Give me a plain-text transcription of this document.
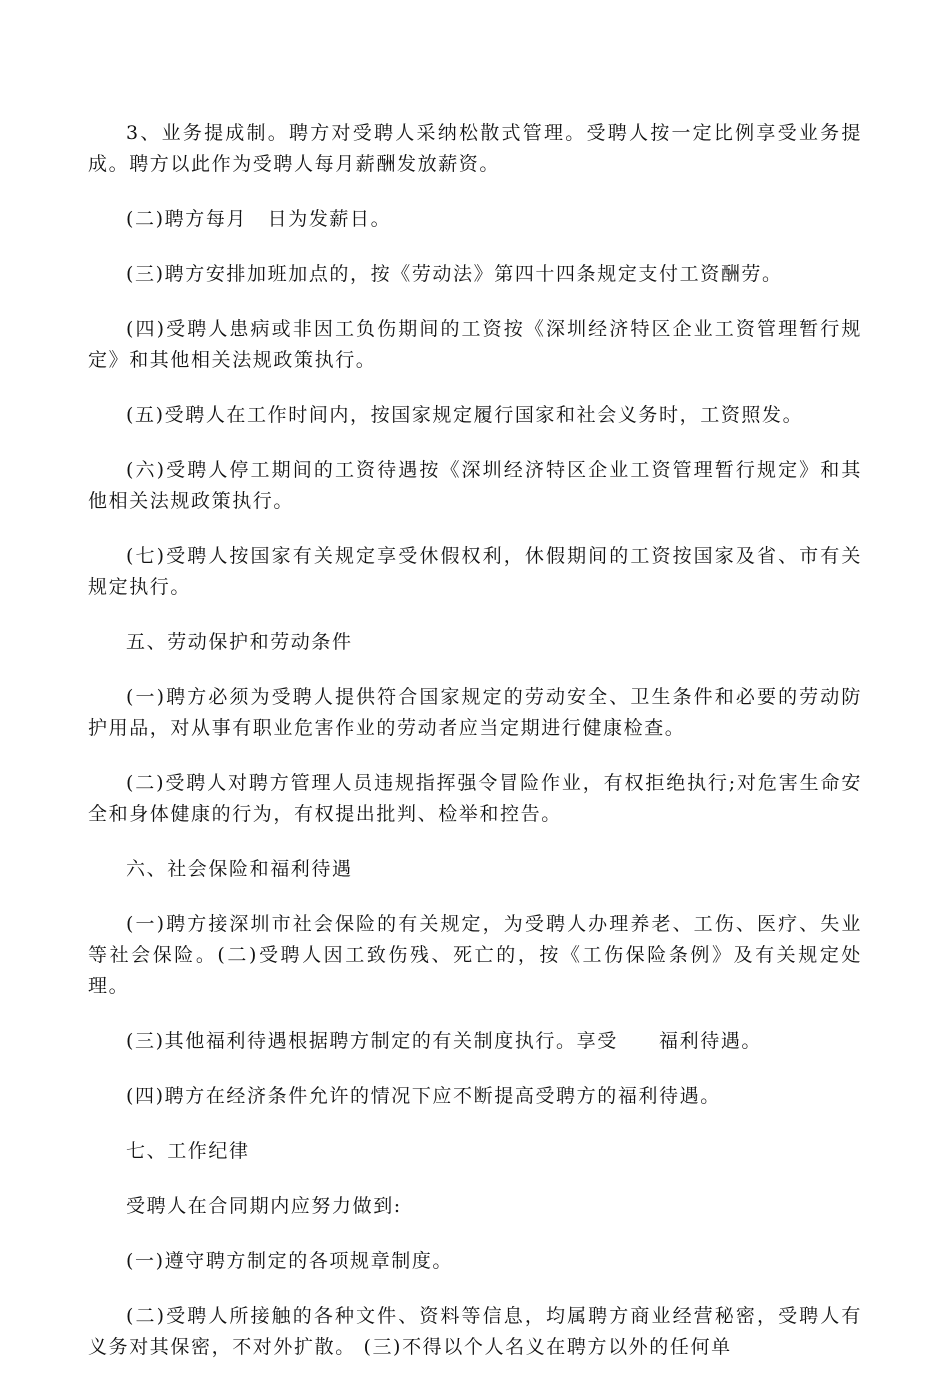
3、业务提成制。聘方对受聘人采纳松散式管理。受聘人按一定比例享受业务提成。聘方以此作为受聘人每月薪酬发放薪资。

(二)聘方每月　日为发薪日。

(三)聘方安排加班加点的，按《劳动法》第四十四条规定支付工资酬劳。

(四)受聘人患病或非因工负伤期间的工资按《深圳经济特区企业工资管理暂行规定》和其他相关法规政策执行。

(五)受聘人在工作时间内，按国家规定履行国家和社会义务时，工资照发。

(六)受聘人停工期间的工资待遇按《深圳经济特区企业工资管理暂行规定》和其他相关法规政策执行。

(七)受聘人按国家有关规定享受休假权利，休假期间的工资按国家及省、市有关规定执行。

五、劳动保护和劳动条件

(一)聘方必须为受聘人提供符合国家规定的劳动安全、卫生条件和必要的劳动防护用品，对从事有职业危害作业的劳动者应当定期进行健康检查。

(二)受聘人对聘方管理人员违规指挥强令冒险作业，有权拒绝执行;对危害生命安全和身体健康的行为，有权提出批判、检举和控告。

六、社会保险和福利待遇

(一)聘方接深圳市社会保险的有关规定，为受聘人办理养老、工伤、医疗、失业等社会保险。(二)受聘人因工致伤残、死亡的，按《工伤保险条例》及有关规定处理。

(三)其他福利待遇根据聘方制定的有关制度执行。享受　　福利待遇。

(四)聘方在经济条件允许的情况下应不断提高受聘方的福利待遇。

七、工作纪律

受聘人在合同期内应努力做到:

(一)遵守聘方制定的各项规章制度。

(二)受聘人所接触的各种文件、资料等信息，均属聘方商业经营秘密，受聘人有义务对其保密，不对外扩散。 (三)不得以个人名义在聘方以外的任何单
